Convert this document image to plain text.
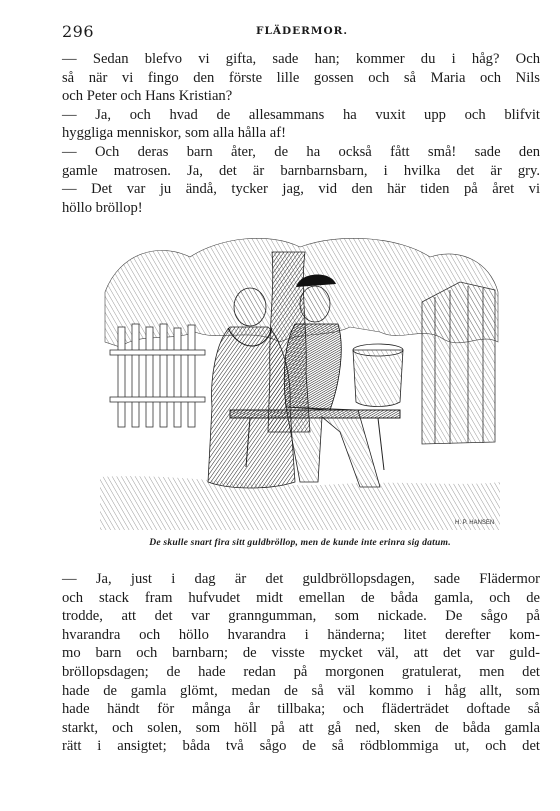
296	FLÄDERMOR.
— Sedan blefvo vi gifta, sade han; kommer du i håg? Och
så när vi fingo den förste lille gossen och så Maria och Nils
och Peter och Hans Kristian?
— Ja, och hvad de allesammans ha vuxit upp och blifvit
hyggliga menniskor, som alla hålla af!
— Och deras barn åter, de ha också fått små! sade den
gamle matrosen. Ja, det är barnbarnsbarn, i hvilka det är gry.
— Det var ju ändå, tycker jag, vid den här tiden på året vi
höllo bröllop!
H. P. HANSEN
De skulle snart fira sitt guldbröllop, men de kunde inte erinra sig datum.
— Ja, just i dag är det guldbröllopsdagen, sade Flädermor
och stack fram hufvudet midt emellan de båda gamla, och de
trodde, att det var granngumman, som nickade. De sågo på
hvarandra och höllo hvarandra i händerna; litet derefter kom-
mo barn och barnbarn; de visste mycket väl, att det var guld-
bröllopsdagen; de hade redan på morgonen gratulerat, men det
hade de gamla glömt, medan de så väl kommo i håg allt, som
hade händt för många år tillbaka; och fläderträdet doftade så
starkt, och solen, som höll på att gå ned, sken de båda gamla
rätt i ansigtet; båda två sågo de så rödblommiga ut, och det
